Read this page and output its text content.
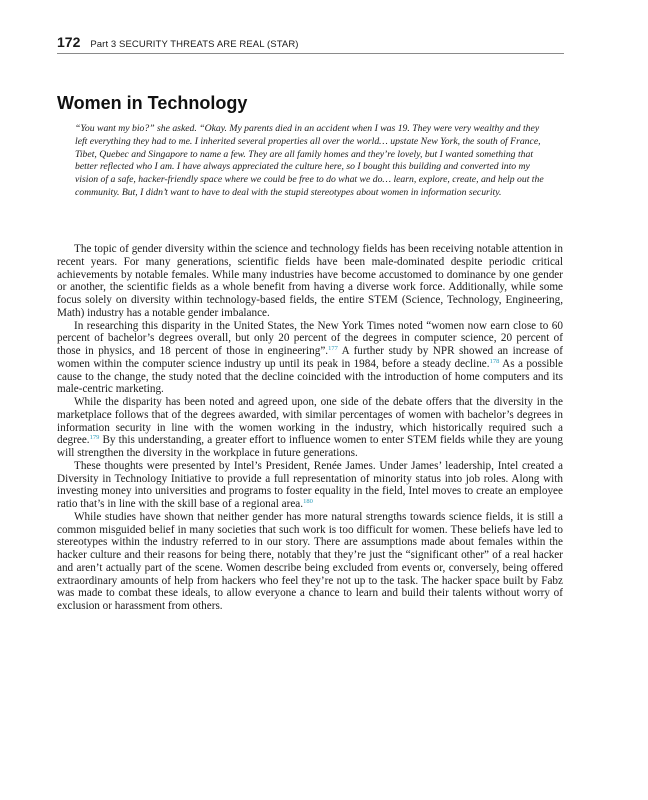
172 Part 3 SECURITY THREATS ARE REAL (STAR)
Women in Technology
“You want my bio?” she asked. “Okay. My parents died in an accident when I was 19. They were very wealthy and they left everything they had to me. I inherited several properties all over the world… upstate New York, the south of France, Tibet, Quebec and Singapore to name a few. They are all family homes and they’re lovely, but I wanted something that better reflected who I am. I have always appreciated the culture here, so I bought this building and converted into my vision of a safe, hacker-friendly space where we could be free to do what we do… learn, explore, create, and help out the community. But, I didn’t want to have to deal with the stupid stereotypes about women in information security.

The topic of gender diversity within the science and technology fields has been receiving notable attention in recent years. For many generations, scientific fields have been male-dominated despite periodic critical achievements by notable females. While many industries have become accustomed to dominance by one gender or another, the scientific fields as a whole benefit from having a diverse work force. Additionally, while some focus solely on diversity within technology-based fields, the entire STEM (Science, Technology, Engineering, Math) industry has a notable gender imbalance.

In researching this disparity in the United States, the New York Times noted “women now earn close to 60 percent of bachelor’s degrees overall, but only 20 percent of the degrees in computer science, 20 percent of those in physics, and 18 percent of those in engineering”.$^{177}$ A further study by NPR showed an increase of women within the computer science industry up until its peak in 1984, before a steady decline.$^{178}$ As a possible cause to the change, the study noted that the decline coincided with the introduction of home computers and its male-centric marketing.

While the disparity has been noted and agreed upon, one side of the debate offers that the diversity in the marketplace follows that of the degrees awarded, with similar percentages of women with bachelor’s degrees in information security in line with the women working in the industry, which historically required such a degree.$^{179}$ By this understanding, a greater effort to influence women to enter STEM fields while they are young will strengthen the diversity in the workplace in future generations.

These thoughts were presented by Intel’s President, Renée James. Under James’ leadership, Intel created a Diversity in Technology Initiative to provide a full representation of minority status into job roles. Along with investing money into universities and programs to foster equality in the field, Intel moves to create an employee ratio that’s in line with the skill base of a regional area.$^{180}$

While studies have shown that neither gender has more natural strengths towards science fields, it is still a common misguided belief in many societies that such work is too difficult for women. These beliefs have led to stereotypes within the industry referred to in our story. There are assumptions made about females within the hacker culture and their reasons for being there, notably that they’re just the “significant other” of a real hacker and aren’t actually part of the scene. Women describe being excluded from events or, conversely, being offered extraordinary amounts of help from hackers who feel they’re not up to the task. The hacker space built by Fabz was made to combat these ideals, to allow everyone a chance to learn and build their talents without worry of exclusion or harassment from others.
